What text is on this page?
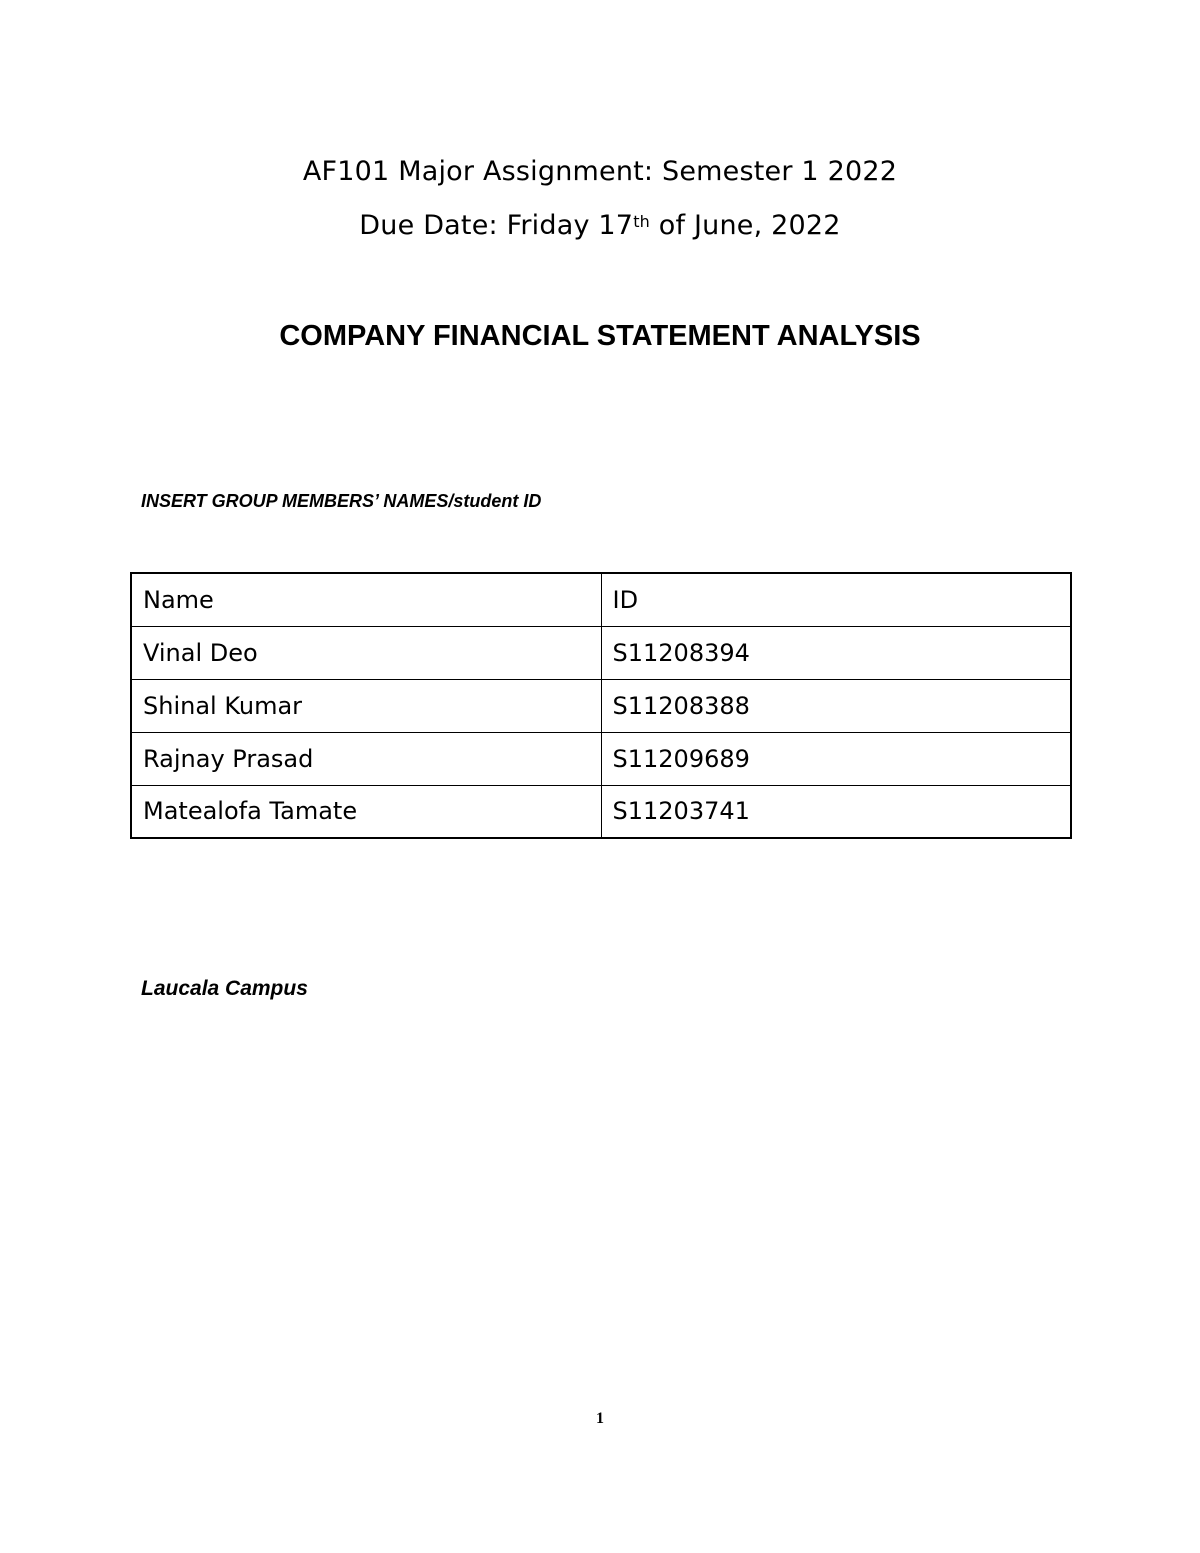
AF101 Major Assignment: Semester 1 2022
Due Date: Friday 17th of June, 2022
COMPANY FINANCIAL STATEMENT ANALYSIS
INSERT GROUP MEMBERS’ NAMES/student ID
Name	ID
Vinal Deo	S11208394
Shinal Kumar	S11208388
Rajnay Prasad	S11209689
Matealofa Tamate	S11203741
Laucala Campus
1
